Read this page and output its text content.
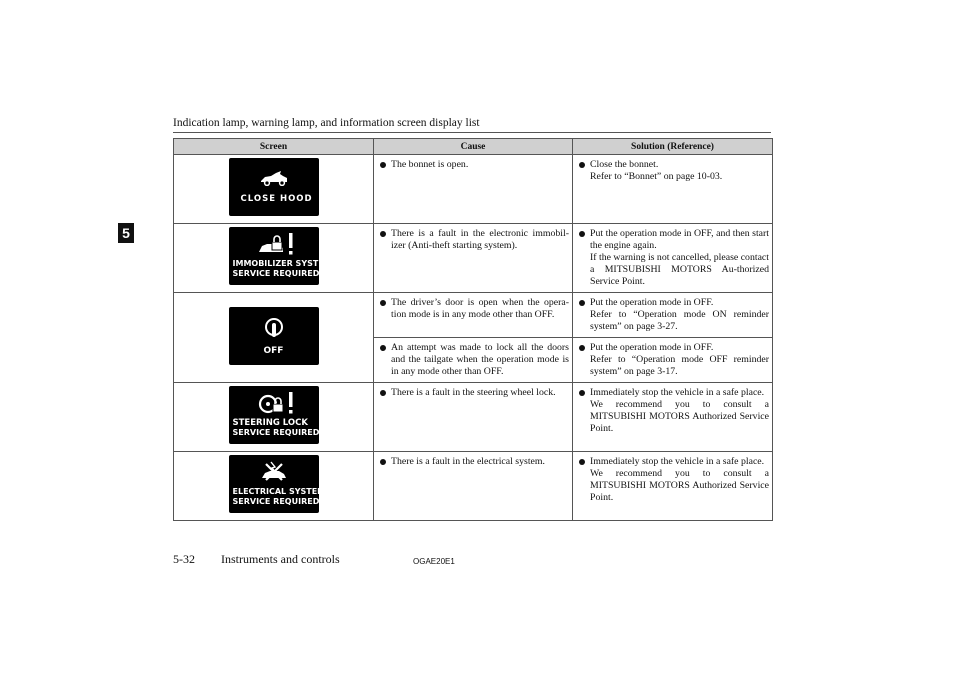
Indication lamp, warning lamp, and information screen display list
5
Screen	Cause	Solution (Reference)

CLOSE HOOD	The bonnet is open.	Close the bonnet.
Refer to “Bonnet” on page 10-03.

IMMOBILIZER SYSTEM
SERVICE REQUIRED	There is a fault in the electronic immobil-izer (Anti-theft starting system).	Put the operation mode in OFF, and then start the engine again.
If the warning is not cancelled, please contact a MITSUBISHI MOTORS Au-thorized Service Point.

OFF	The driver’s door is open when the opera-tion mode is in any mode other than OFF.	Put the operation mode in OFF.
Refer to “Operation mode ON reminder system” on page 3-27.

	An attempt was made to lock all the doors and the tailgate when the operation mode is in any mode other than OFF.	Put the operation mode in OFF.
Refer to “Operation mode OFF reminder system” on page 3-17.

STEERING LOCK
SERVICE REQUIRED	There is a fault in the steering wheel lock.	Immediately stop the vehicle in a safe place.
We recommend you to consult a MITSUBISHI MOTORS Authorized Service Point.

ELECTRICAL SYSTEM
SERVICE REQUIRED	There is a fault in the electrical system.	Immediately stop the vehicle in a safe place.
We recommend you to consult a MITSUBISHI MOTORS Authorized Service Point.
5-32 Instruments and controls	OGAE20E1
